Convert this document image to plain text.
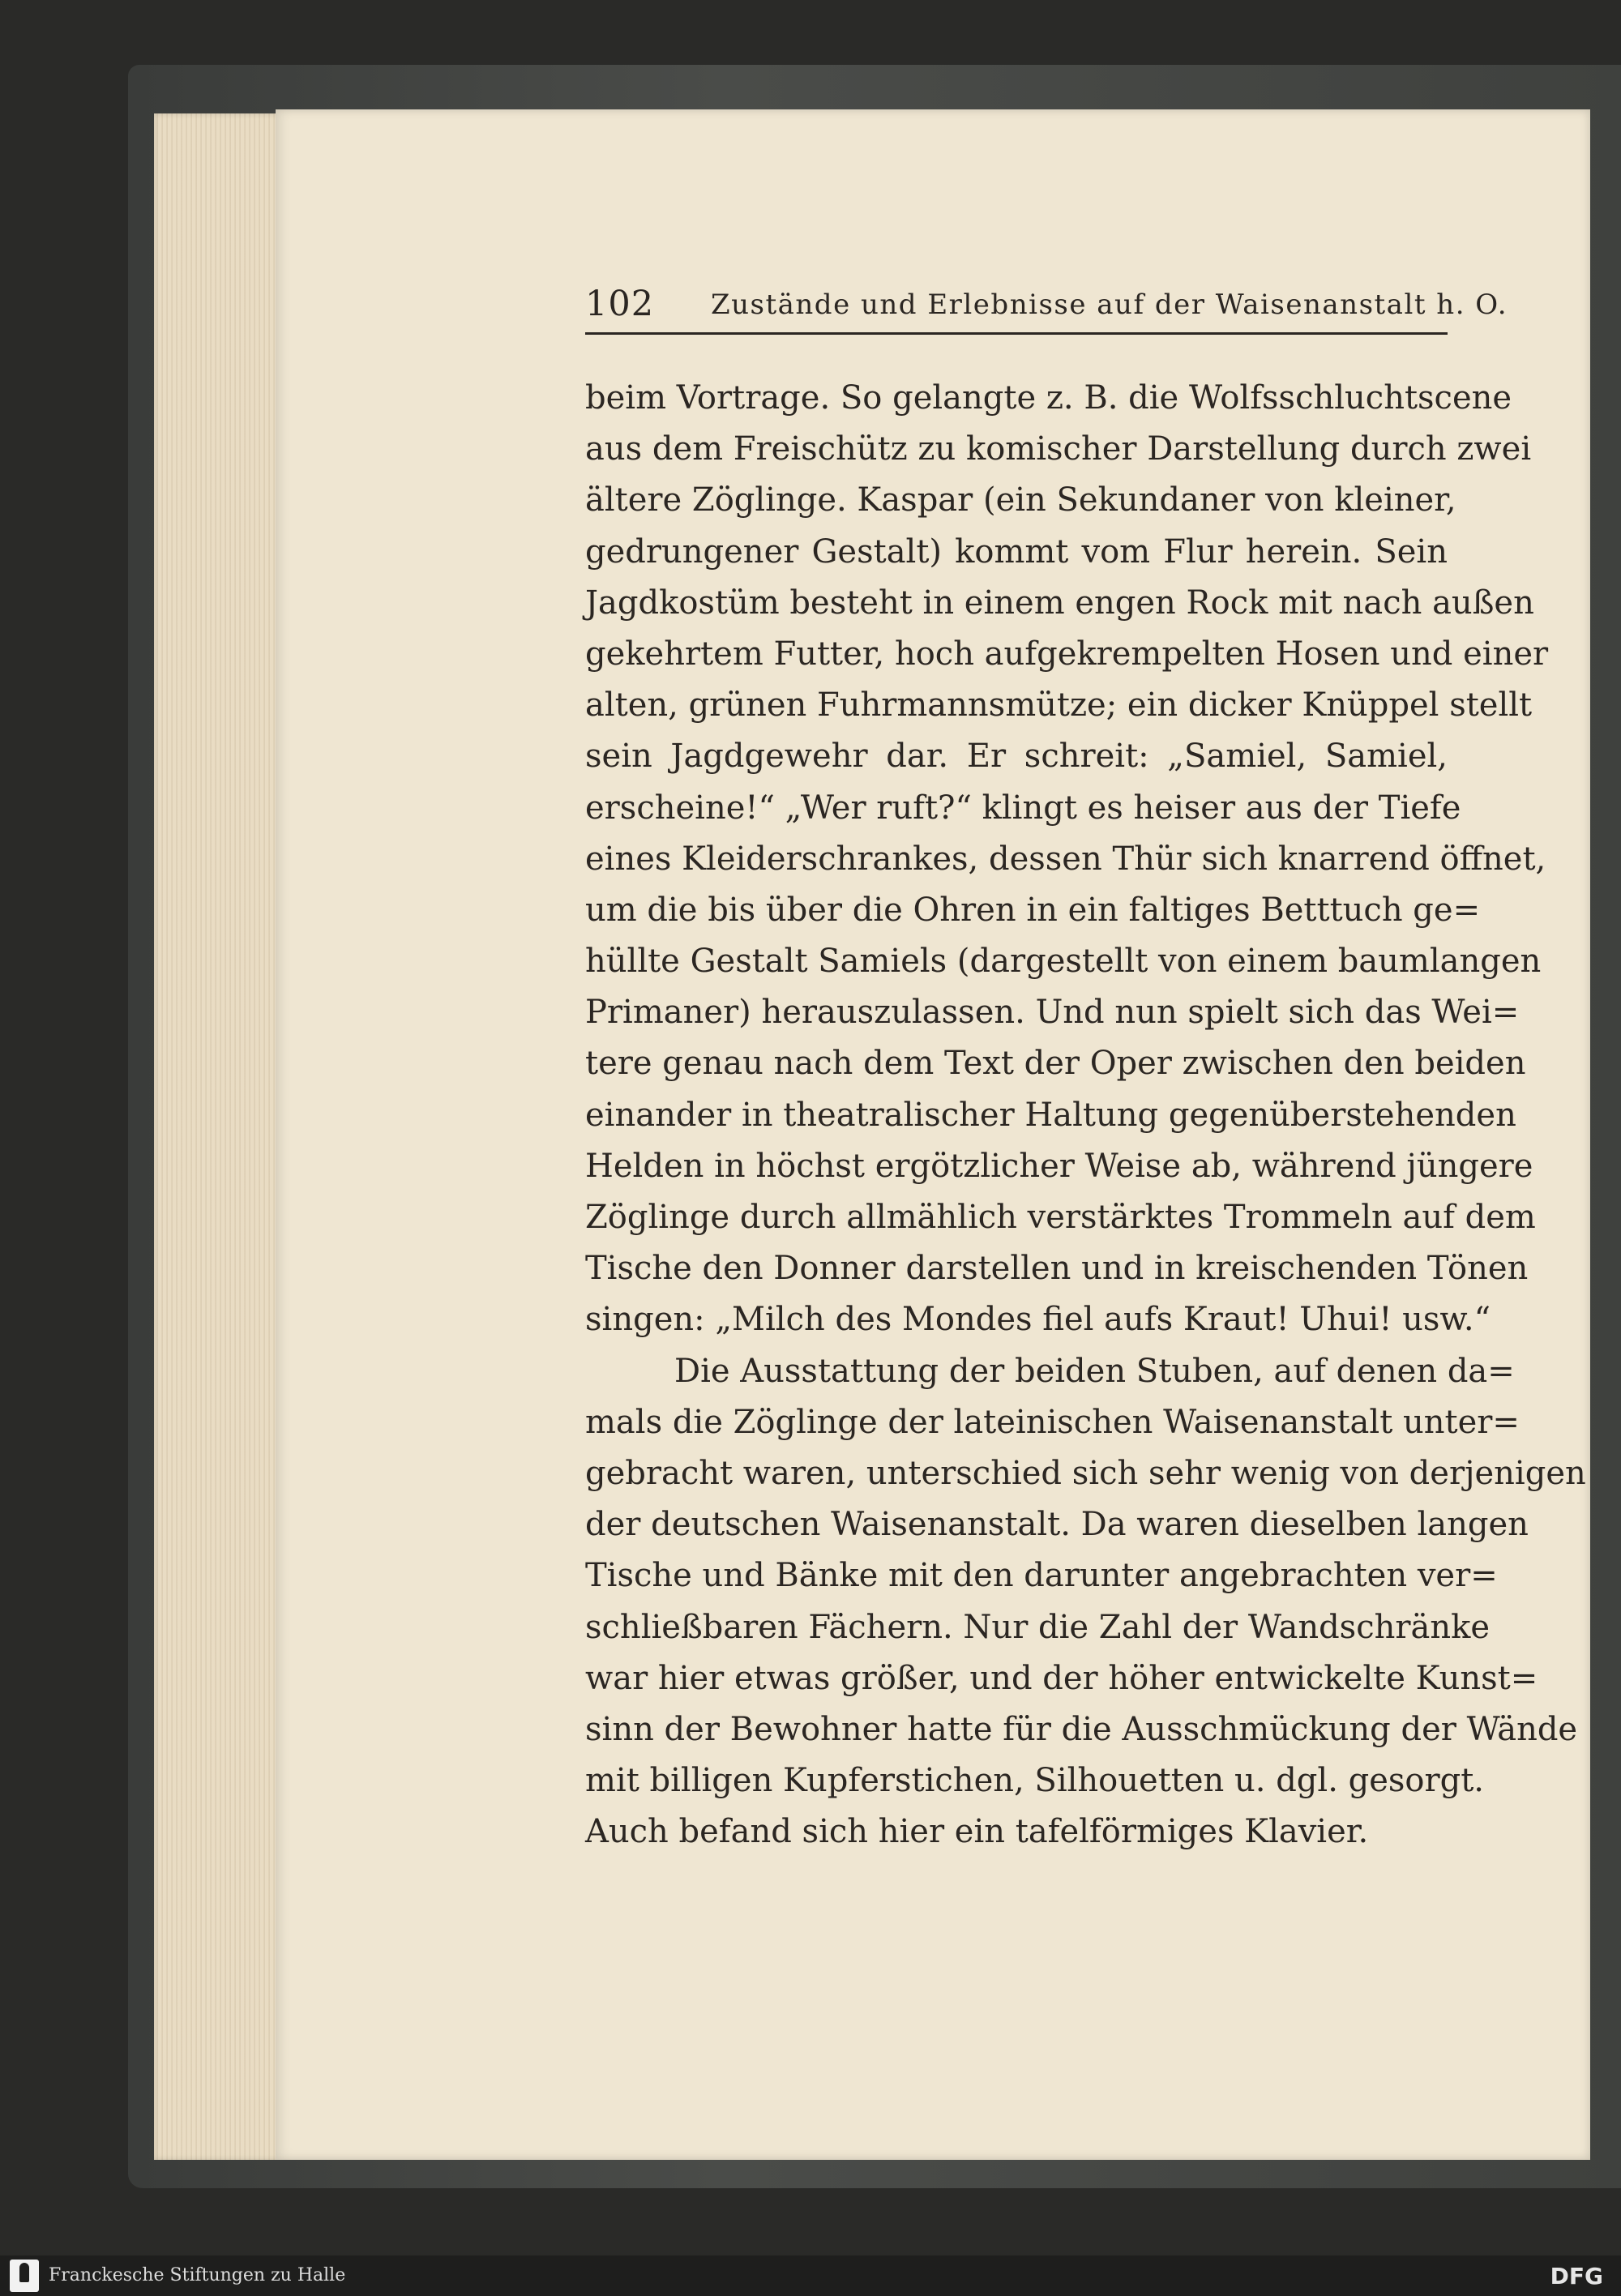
102 Zustände und Erlebnisse auf der Waisenanstalt h. O.
beim Vortrage. So gelangte z. B. die Wolfsschluchtscene
aus dem Freischütz zu komischer Darstellung durch zwei
ältere Zöglinge. Kaspar (ein Sekundaner von kleiner,
gedrungener Gestalt) kommt vom Flur herein. Sein
Jagdkostüm besteht in einem engen Rock mit nach außen
gekehrtem Futter, hoch aufgekrempelten Hosen und einer
alten, grünen Fuhrmannsmütze; ein dicker Knüppel stellt
sein Jagdgewehr dar. Er schreit: „Samiel, Samiel,
erscheine!“ „Wer ruft?“ klingt es heiser aus der Tiefe
eines Kleiderschrankes, dessen Thür sich knarrend öffnet,
um die bis über die Ohren in ein faltiges Betttuch ge=
hüllte Gestalt Samiels (dargestellt von einem baumlangen
Primaner) herauszulassen. Und nun spielt sich das Wei=
tere genau nach dem Text der Oper zwischen den beiden
einander in theatralischer Haltung gegenüberstehenden
Helden in höchst ergötzlicher Weise ab, während jüngere
Zöglinge durch allmählich verstärktes Trommeln auf dem
Tische den Donner darstellen und in kreischenden Tönen
singen: „Milch des Mondes fiel aufs Kraut! Uhui! usw.“
Die Ausstattung der beiden Stuben, auf denen da=
mals die Zöglinge der lateinischen Waisenanstalt unter=
gebracht waren, unterschied sich sehr wenig von derjenigen
der deutschen Waisenanstalt. Da waren dieselben langen
Tische und Bänke mit den darunter angebrachten ver=
schließbaren Fächern. Nur die Zahl der Wandschränke
war hier etwas größer, und der höher entwickelte Kunst=
sinn der Bewohner hatte für die Ausschmückung der Wände
mit billigen Kupferstichen, Silhouetten u. dgl. gesorgt.
Auch befand sich hier ein tafelförmiges Klavier.
Franckesche Stiftungen zu Halle	DFG
